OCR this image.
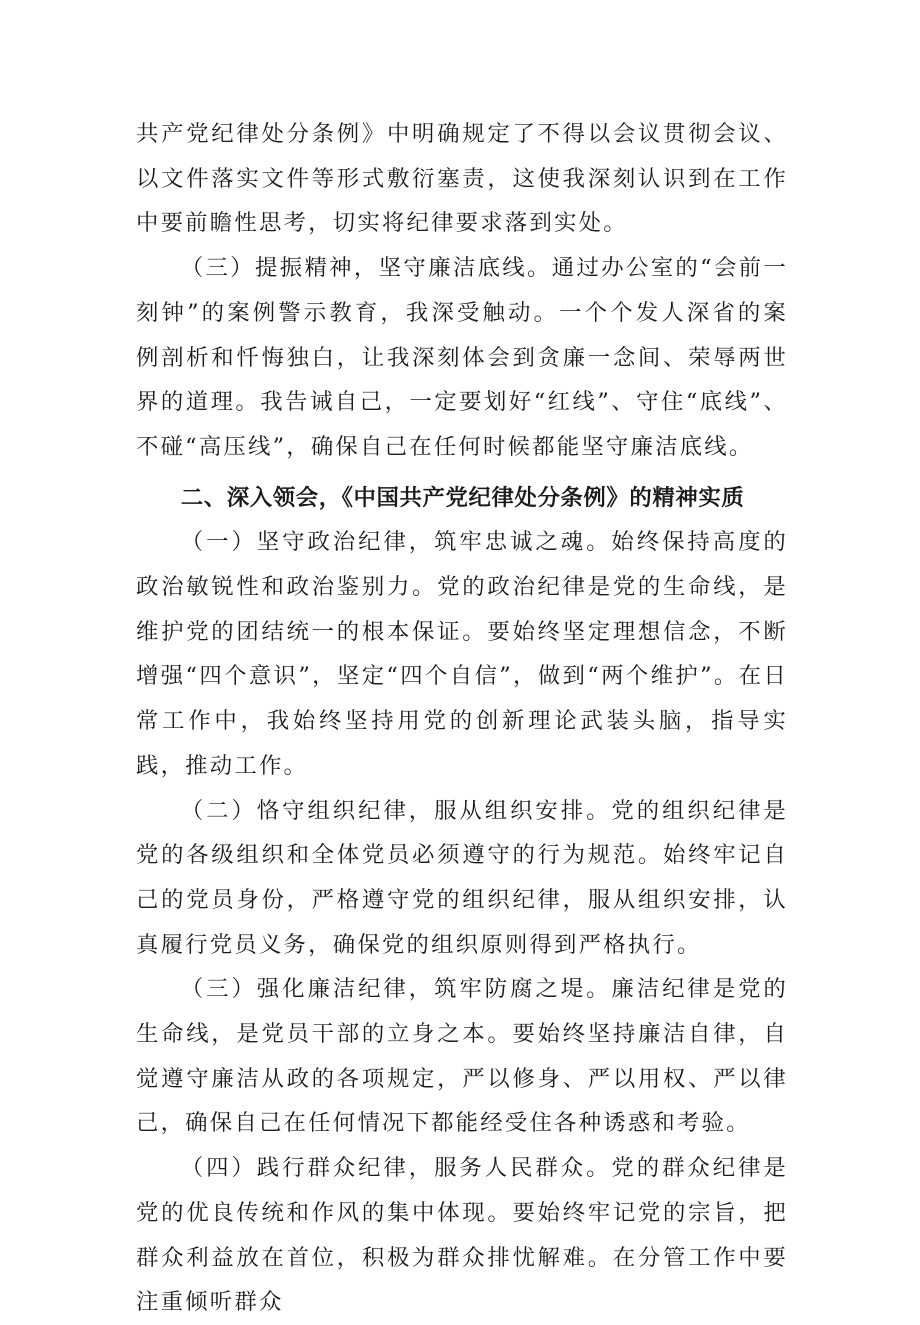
共产党纪律处分条例》中明确规定了不得以会议贯彻会议、以文件落实文件等形式敷衍塞责，这使我深刻认识到在工作中要前瞻性思考，切实将纪律要求落到实处。

（三）提振精神，坚守廉洁底线。通过办公室的“会前一刻钟”的案例警示教育，我深受触动。一个个发人深省的案例剖析和忏悔独白，让我深刻体会到贪廉一念间、荣辱两世界的道理。我告诫自己，一定要划好“红线”、守住“底线”、不碰“高压线”，确保自己在任何时候都能坚守廉洁底线。

二、深入领会，《中国共产党纪律处分条例》的精神实质

（一）坚守政治纪律，筑牢忠诚之魂。始终保持高度的政治敏锐性和政治鉴别力。党的政治纪律是党的生命线，是维护党的团结统一的根本保证。要始终坚定理想信念，不断增强“四个意识”，坚定“四个自信”，做到“两个维护”。在日常工作中，我始终坚持用党的创新理论武装头脑，指导实践，推动工作。

（二）恪守组织纪律，服从组织安排。党的组织纪律是党的各级组织和全体党员必须遵守的行为规范。始终牢记自己的党员身份，严格遵守党的组织纪律，服从组织安排，认真履行党员义务，确保党的组织原则得到严格执行。

（三）强化廉洁纪律，筑牢防腐之堤。廉洁纪律是党的生命线，是党员干部的立身之本。要始终坚持廉洁自律，自觉遵守廉洁从政的各项规定，严以修身、严以用权、严以律己，确保自己在任何情况下都能经受住各种诱惑和考验。

（四）践行群众纪律，服务人民群众。党的群众纪律是党的优良传统和作风的集中体现。要始终牢记党的宗旨，把群众利益放在首位，积极为群众排忧解难。在分管工作中要注重倾听群众
